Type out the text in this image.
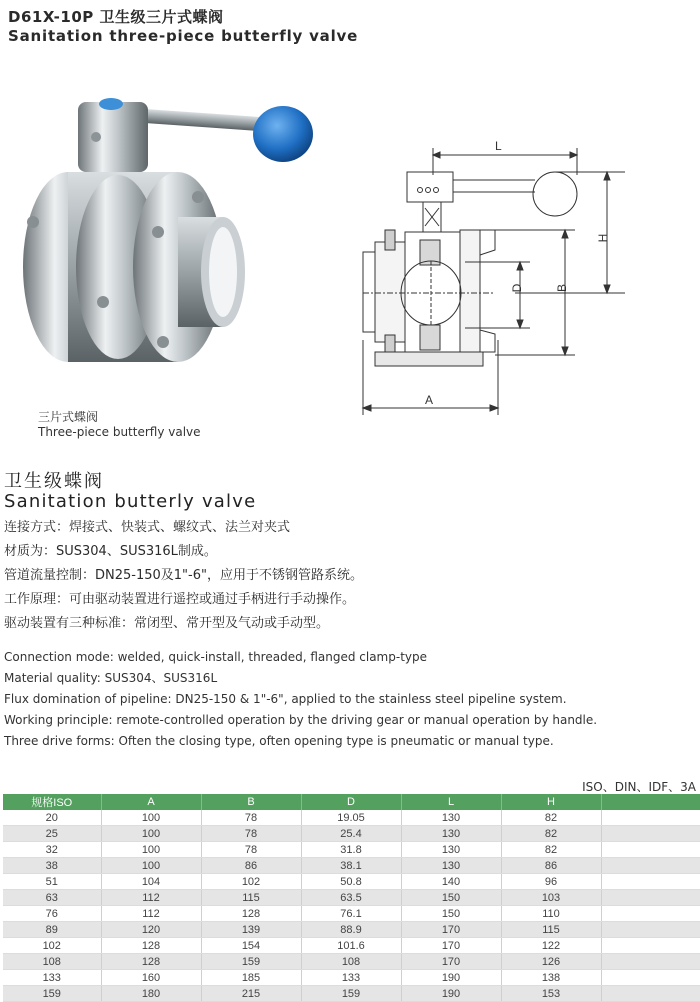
D61X-10P 卫生级三片式蝶阀
Sanitation three-piece butterfly valve
三片式蝶阀
Three-piece butterfly valve
L
H
D	B
A
卫生级蝶阀
Sanitation butterly valve
连接方式：焊接式、快装式、螺纹式、法兰对夹式
材质为：SUS304、SUS316L制成。
管道流量控制：DN25-150及1"-6"，应用于不锈钢管路系统。
工作原理：可由驱动装置进行遥控或通过手柄进行手动操作。
驱动装置有三种标准：常闭型、常开型及气动或手动型。
Connection mode: welded, quick-install, threaded, flanged clamp-type
Material quality: SUS304、SUS316L
Flux domination of pipeline: DN25-150 & 1"-6", applied to the stainless steel pipeline system.
Working principle: remote-controlled operation by the driving gear or manual operation by handle.
Three drive forms: Often the closing type, often opening type is pneumatic or manual type.
ISO、DIN、IDF、3A
规格ISO	A	B	D	L	H	
20	100	78	19.05	130	82	
25	100	78	25.4	130	82	
32	100	78	31.8	130	82	
38	100	86	38.1	130	86	
51	104	102	50.8	140	96	
63	112	115	63.5	150	103	
76	112	128	76.1	150	110	
89	120	139	88.9	170	115	
102	128	154	101.6	170	122	
108	128	159	108	170	126	
133	160	185	133	190	138	
159	180	215	159	190	153	
